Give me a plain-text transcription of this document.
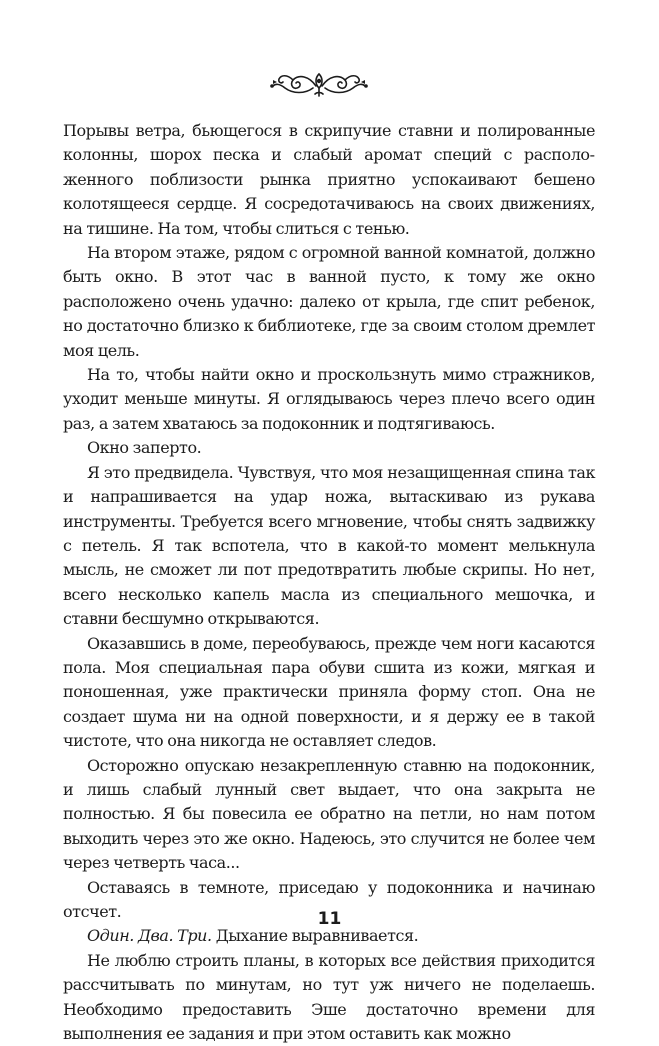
Порывы ветра, бьющегося в скрипучие ставни и полированные колонны, шорох песка и слабый аромат специй с расположенного поблизости рынка приятно успокаивают бешено колотящееся сердце. Я сосредотачиваюсь на своих движениях, на тишине. На том, чтобы слиться с тенью.

На втором этаже, рядом с огромной ванной комнатой, должно быть окно. В этот час в ванной пусто, к тому же окно расположено очень удачно: далеко от крыла, где спит ребенок, но достаточно близко к библиотеке, где за своим столом дремлет моя цель.

На то, чтобы найти окно и проскользнуть мимо стражников, уходит меньше минуты. Я оглядываюсь через плечо всего один раз, а затем хватаюсь за подоконник и подтягиваюсь.

Окно заперто.

Я это предвидела. Чувствуя, что моя незащищенная спина так и напрашивается на удар ножа, вытаскиваю из рукава инструменты. Требуется всего мгновение, чтобы снять задвижку с петель. Я так вспотела, что в какой-то момент мелькнула мысль, не сможет ли пот предотвратить любые скрипы. Но нет, всего несколько капель масла из специального мешочка, и ставни бесшумно открываются.

Оказавшись в доме, переобуваюсь, прежде чем ноги касаются пола. Моя специальная пара обуви сшита из кожи, мягкая и поношенная, уже практически приняла форму стоп. Она не создает шума ни на одной поверхности, и я держу ее в такой чистоте, что она никогда не оставляет следов.

Осторожно опускаю незакрепленную ставню на подоконник, и лишь слабый лунный свет выдает, что она закрыта не полностью. Я бы повесила ее обратно на петли, но нам потом выходить через это же окно. Надеюсь, это случится не более чем через четверть часа...

Оставаясь в темноте, приседаю у подоконника и начинаю отсчет.

Один. Два. Три. Дыхание выравнивается.

Не люблю строить планы, в которых все действия приходится рассчитывать по минутам, но тут уж ничего не поделаешь. Необходимо предоставить Эше достаточно времени для выполнения ее задания и при этом оставить как можно

11
